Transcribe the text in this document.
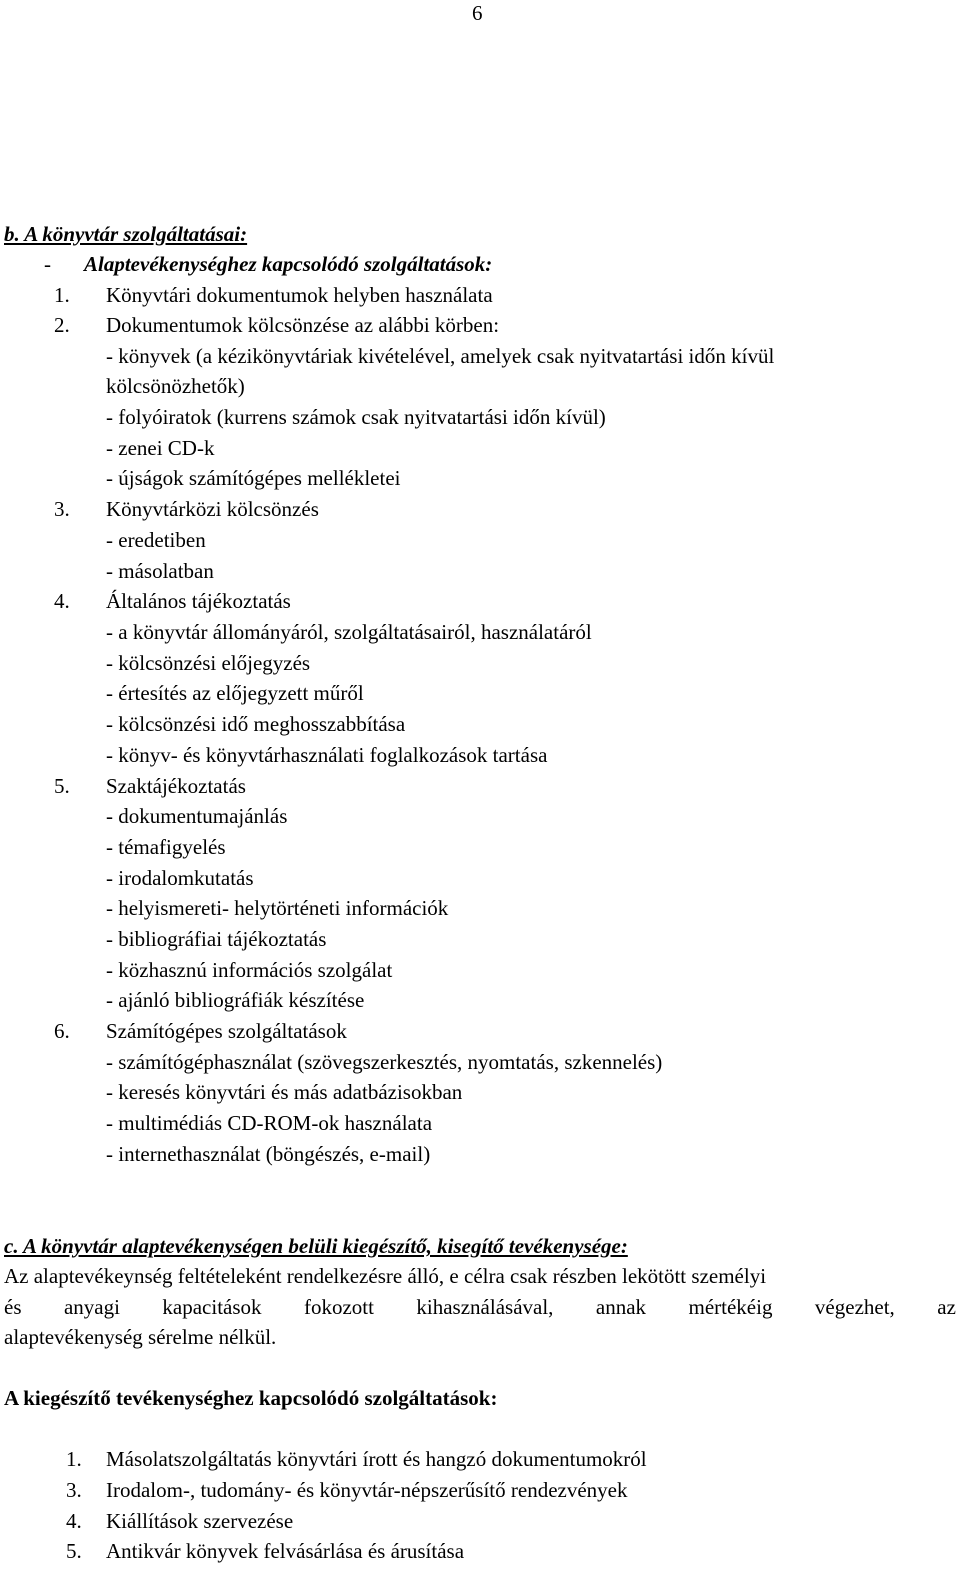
6
b. A könyvtár szolgáltatásai:
- Alaptevékenységhez kapcsolódó szolgáltatások:
1. Könyvtári dokumentumok helyben használata
2. Dokumentumok kölcsönzése az alábbi körben:
- könyvek (a kézikönyvtáriak kivételével, amelyek csak nyitvatartási időn kívül
kölcsönözhetők)
- folyóiratok (kurrens számok csak nyitvatartási időn kívül)
- zenei CD-k
- újságok számítógépes mellékletei
3. Könyvtárközi kölcsönzés
- eredetiben
- másolatban
4. Általános tájékoztatás
- a könyvtár állományáról, szolgáltatásairól, használatáról
- kölcsönzési előjegyzés
- értesítés az előjegyzett műről
- kölcsönzési idő meghosszabbítása
- könyv- és könyvtárhasználati foglalkozások tartása
5. Szaktájékoztatás
- dokumentumajánlás
- témafigyelés
- irodalomkutatás
- helyismereti- helytörténeti információk
- bibliográfiai tájékoztatás
- közhasznú információs szolgálat
- ajánló bibliográfiák készítése
6. Számítógépes szolgáltatások
- számítógéphasználat (szövegszerkesztés, nyomtatás, szkennelés)
- keresés könyvtári és más adatbázisokban
- multimédiás CD-ROM-ok használata
- internethasználat (böngészés, e-mail)
c. A könyvtár alaptevékenységen belüli kiegészítő, kisegítő tevékenysége:
Az alaptevékeynség feltételeként rendelkezésre álló, e célra csak részben lekötött személyi
és anyagi kapacitások fokozott kihasználásával, annak mértékéig végezhet, az
alaptevékenység sérelme nélkül.
A kiegészítő tevékenységhez kapcsolódó szolgáltatások:
1. Másolatszolgáltatás könyvtári írott és hangzó dokumentumokról
3. Irodalom-, tudomány- és könyvtár-népszerűsítő rendezvények
4. Kiállítások szervezése
5. Antikvár könyvek felvásárlása és árusítása
